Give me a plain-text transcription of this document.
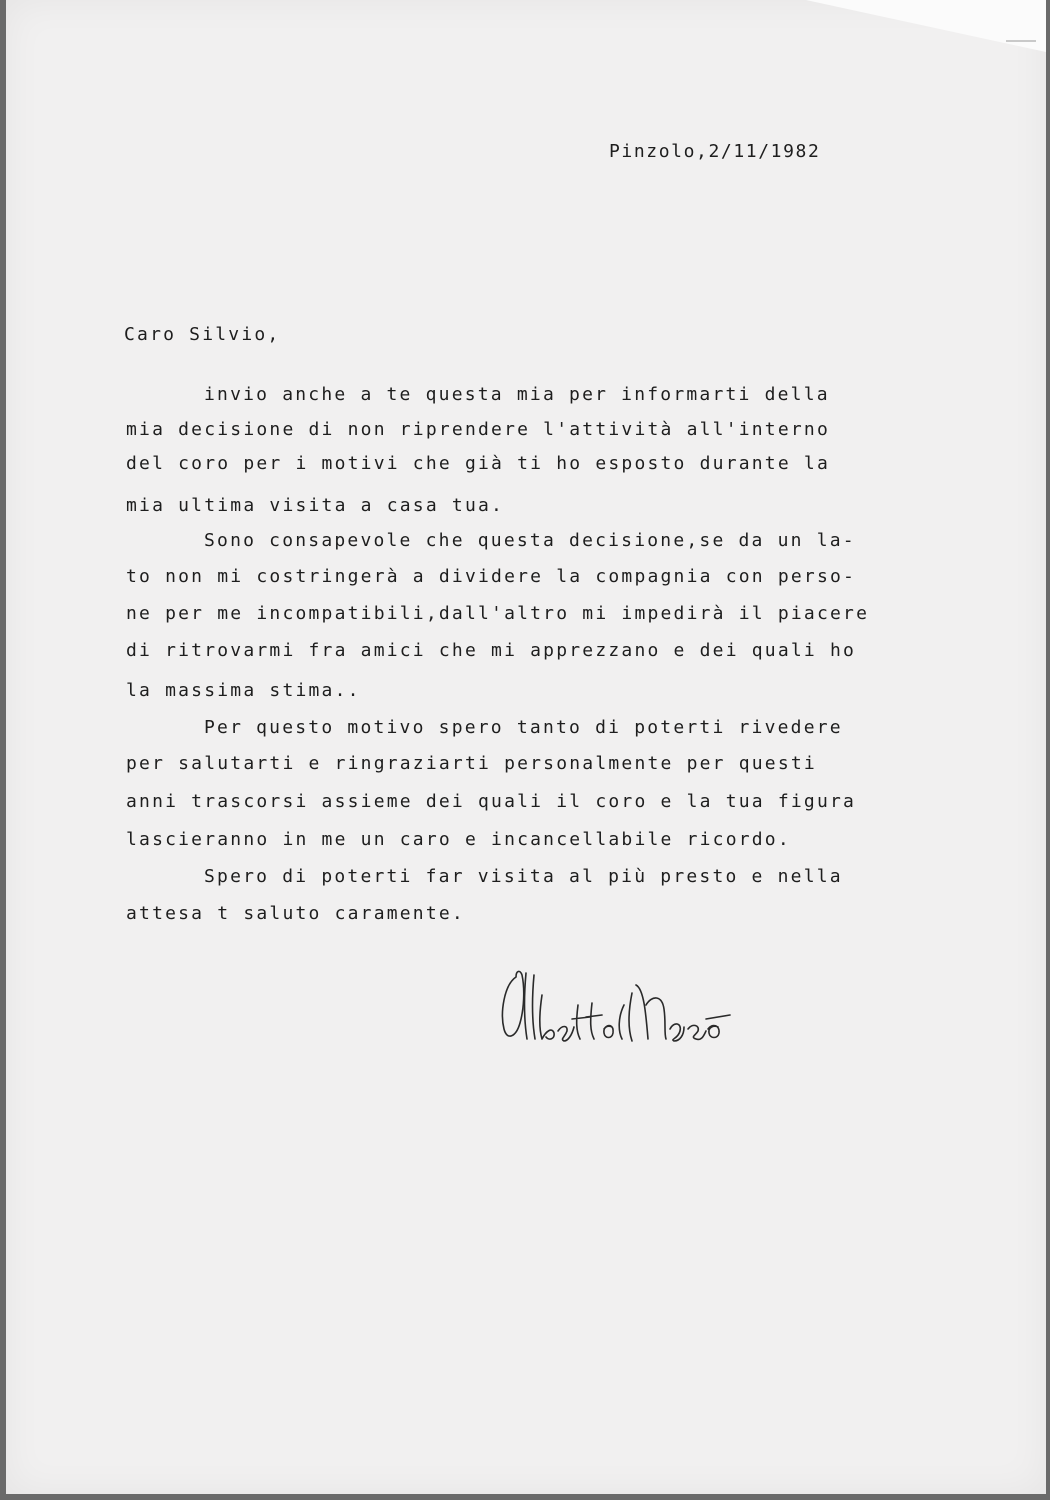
Pinzolo,2/11/1982
Caro Silvio,
invio anche a te questa mia per informarti della
mia decisione di non riprendere l'attività all'interno
del coro per i motivi che già ti ho esposto durante la
mia ultima visita a casa tua.
Sono consapevole che questa decisione,se da un la-
to non mi costringerà a dividere la compagnia con perso-
ne per me incompatibili,dall'altro mi impedirà il piacere
di ritrovarmi fra amici che mi apprezzano e dei quali ho
la massima stima..
Per questo motivo spero tanto di poterti rivedere
per salutarti e ringraziarti personalmente per questi
anni trascorsi assieme dei quali il coro e la tua figura
lascieranno in me un caro e incancellabile ricordo.
Spero di poterti far visita al più presto e nella
attesa t saluto caramente.
